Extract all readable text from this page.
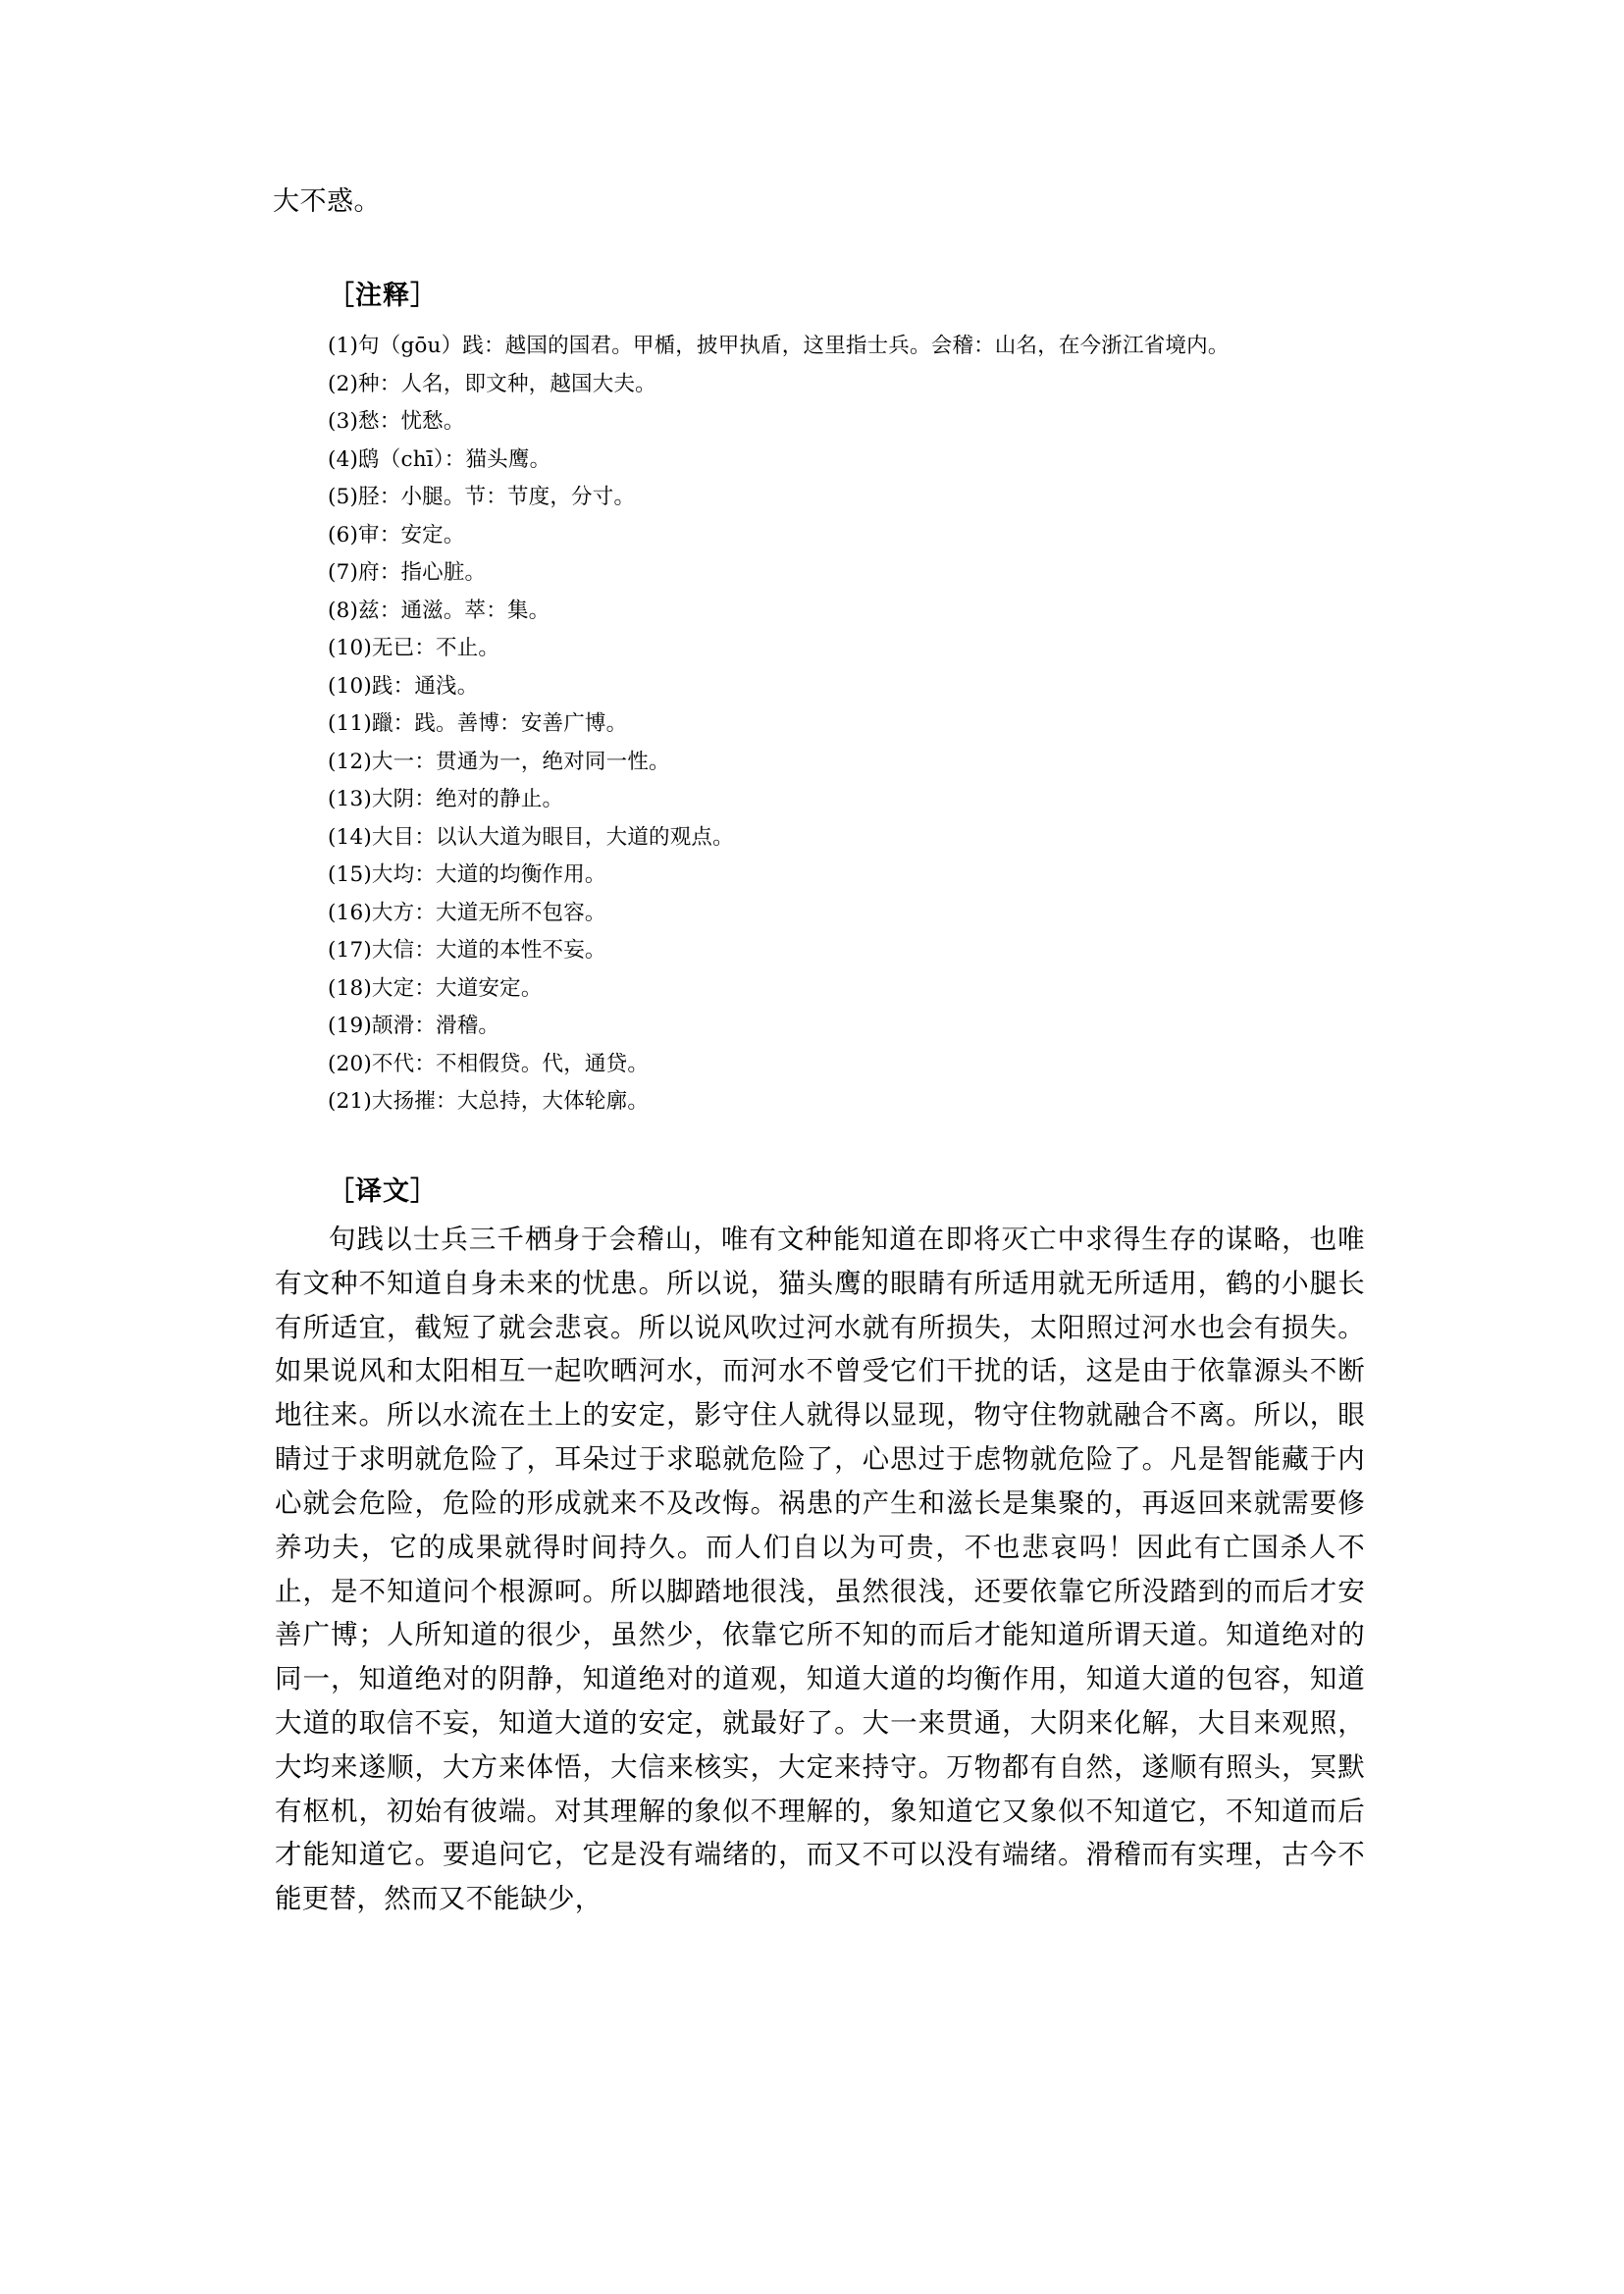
大不惑。
［注释］
(1)句（gōu）践：越国的国君。甲楯，披甲执盾，这里指士兵。会稽：山名，在今浙江省境内。
(2)种：人名，即文种，越国大夫。
(3)愁：忧愁。
(4)鸱（chī）：猫头鹰。
(5)胫：小腿。节：节度，分寸。
(6)审：安定。
(7)府：指心脏。
(8)兹：通滋。萃：集。
(10)无已：不止。
(10)践：通浅。
(11)躐：践。善博：安善广博。
(12)大一：贯通为一，绝对同一性。
(13)大阴：绝对的静止。
(14)大目：以认大道为眼目，大道的观点。
(15)大均：大道的均衡作用。
(16)大方：大道无所不包容。
(17)大信：大道的本性不妄。
(18)大定：大道安定。
(19)颉滑：滑稽。
(20)不代：不相假贷。代，通贷。
(21)大扬摧：大总持，大体轮廓。
［译文］
句践以士兵三千栖身于会稽山，唯有文种能知道在即将灭亡中求得生存的谋略，也唯有文种不知道自身未来的忧患。所以说，猫头鹰的眼睛有所适用就无所适用，鹤的小腿长有所适宜，截短了就会悲哀。所以说风吹过河水就有所损失，太阳照过河水也会有损失。如果说风和太阳相互一起吹晒河水，而河水不曾受它们干扰的话，这是由于依靠源头不断地往来。所以水流在土上的安定，影守住人就得以显现，物守住物就融合不离。所以，眼睛过于求明就危险了，耳朵过于求聪就危险了，心思过于虑物就危险了。凡是智能藏于内心就会危险，危险的形成就来不及改悔。祸患的产生和滋长是集聚的，再返回来就需要修养功夫，它的成果就得时间持久。而人们自以为可贵，不也悲哀吗！因此有亡国杀人不止，是不知道问个根源呵。所以脚踏地很浅，虽然很浅，还要依靠它所没踏到的而后才安善广博；人所知道的很少，虽然少，依靠它所不知的而后才能知道所谓天道。知道绝对的同一，知道绝对的阴静，知道绝对的道观，知道大道的均衡作用，知道大道的包容，知道大道的取信不妄，知道大道的安定，就最好了。大一来贯通，大阴来化解，大目来观照，大均来遂顺，大方来体悟，大信来核实，大定来持守。万物都有自然，遂顺有照头，冥默有枢机，初始有彼端。对其理解的象似不理解的，象知道它又象似不知道它，不知道而后才能知道它。要追问它，它是没有端绪的，而又不可以没有端绪。滑稽而有实理，古今不能更替，然而又不能缺少，
